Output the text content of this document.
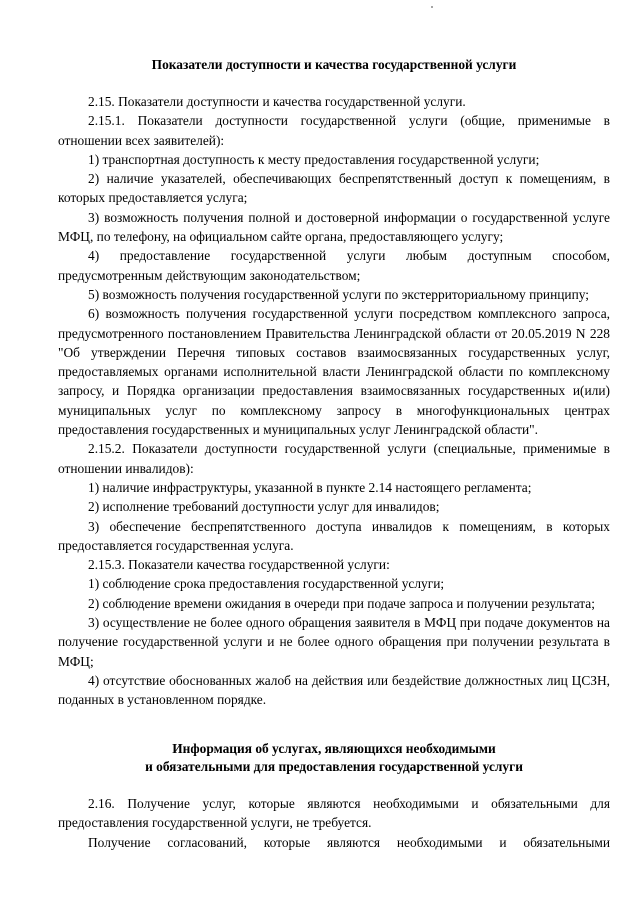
Показатели доступности и качества государственной услуги

2.15. Показатели доступности и качества государственной услуги.

2.15.1. Показатели доступности государственной услуги (общие, применимые в отношении всех заявителей):

1) транспортная доступность к месту предоставления государственной услуги;

2) наличие указателей, обеспечивающих беспрепятственный доступ к помещениям, в которых предоставляется услуга;

3) возможность получения полной и достоверной информации о государственной услуге МФЦ, по телефону, на официальном сайте органа, предоставляющего услугу;

4) предоставление государственной услуги любым доступным способом, предусмотренным действующим законодательством;

5) возможность получения государственной услуги по экстерриториальному принципу;

6) возможность получения государственной услуги посредством комплексного запроса, предусмотренного постановлением Правительства Ленинградской области от 20.05.2019 N 228 "Об утверждении Перечня типовых составов взаимосвязанных государственных услуг, предоставляемых органами исполнительной власти Ленинградской области по комплексному запросу, и Порядка организации предоставления взаимосвязанных государственных и(или) муниципальных услуг по комплексному запросу в многофункциональных центрах предоставления государственных и муниципальных услуг Ленинградской области".

2.15.2. Показатели доступности государственной услуги (специальные, применимые в отношении инвалидов):

1) наличие инфраструктуры, указанной в пункте 2.14 настоящего регламента;

2) исполнение требований доступности услуг для инвалидов;

3) обеспечение беспрепятственного доступа инвалидов к помещениям, в которых предоставляется государственная услуга.

2.15.3. Показатели качества государственной услуги:

1) соблюдение срока предоставления государственной услуги;

2) соблюдение времени ожидания в очереди при подаче запроса и получении результата;

3) осуществление не более одного обращения заявителя в МФЦ при подаче документов на получение государственной услуги и не более одного обращения при получении результата в МФЦ;

4) отсутствие обоснованных жалоб на действия или бездействие должностных лиц ЦСЗН, поданных в установленном порядке.

Информация об услугах, являющихся необходимыми
и обязательными для предоставления государственной услуги

2.16. Получение услуг, которые являются необходимыми и обязательными для предоставления государственной услуги, не требуется.

Получение согласований, которые являются необходимыми и обязательными
